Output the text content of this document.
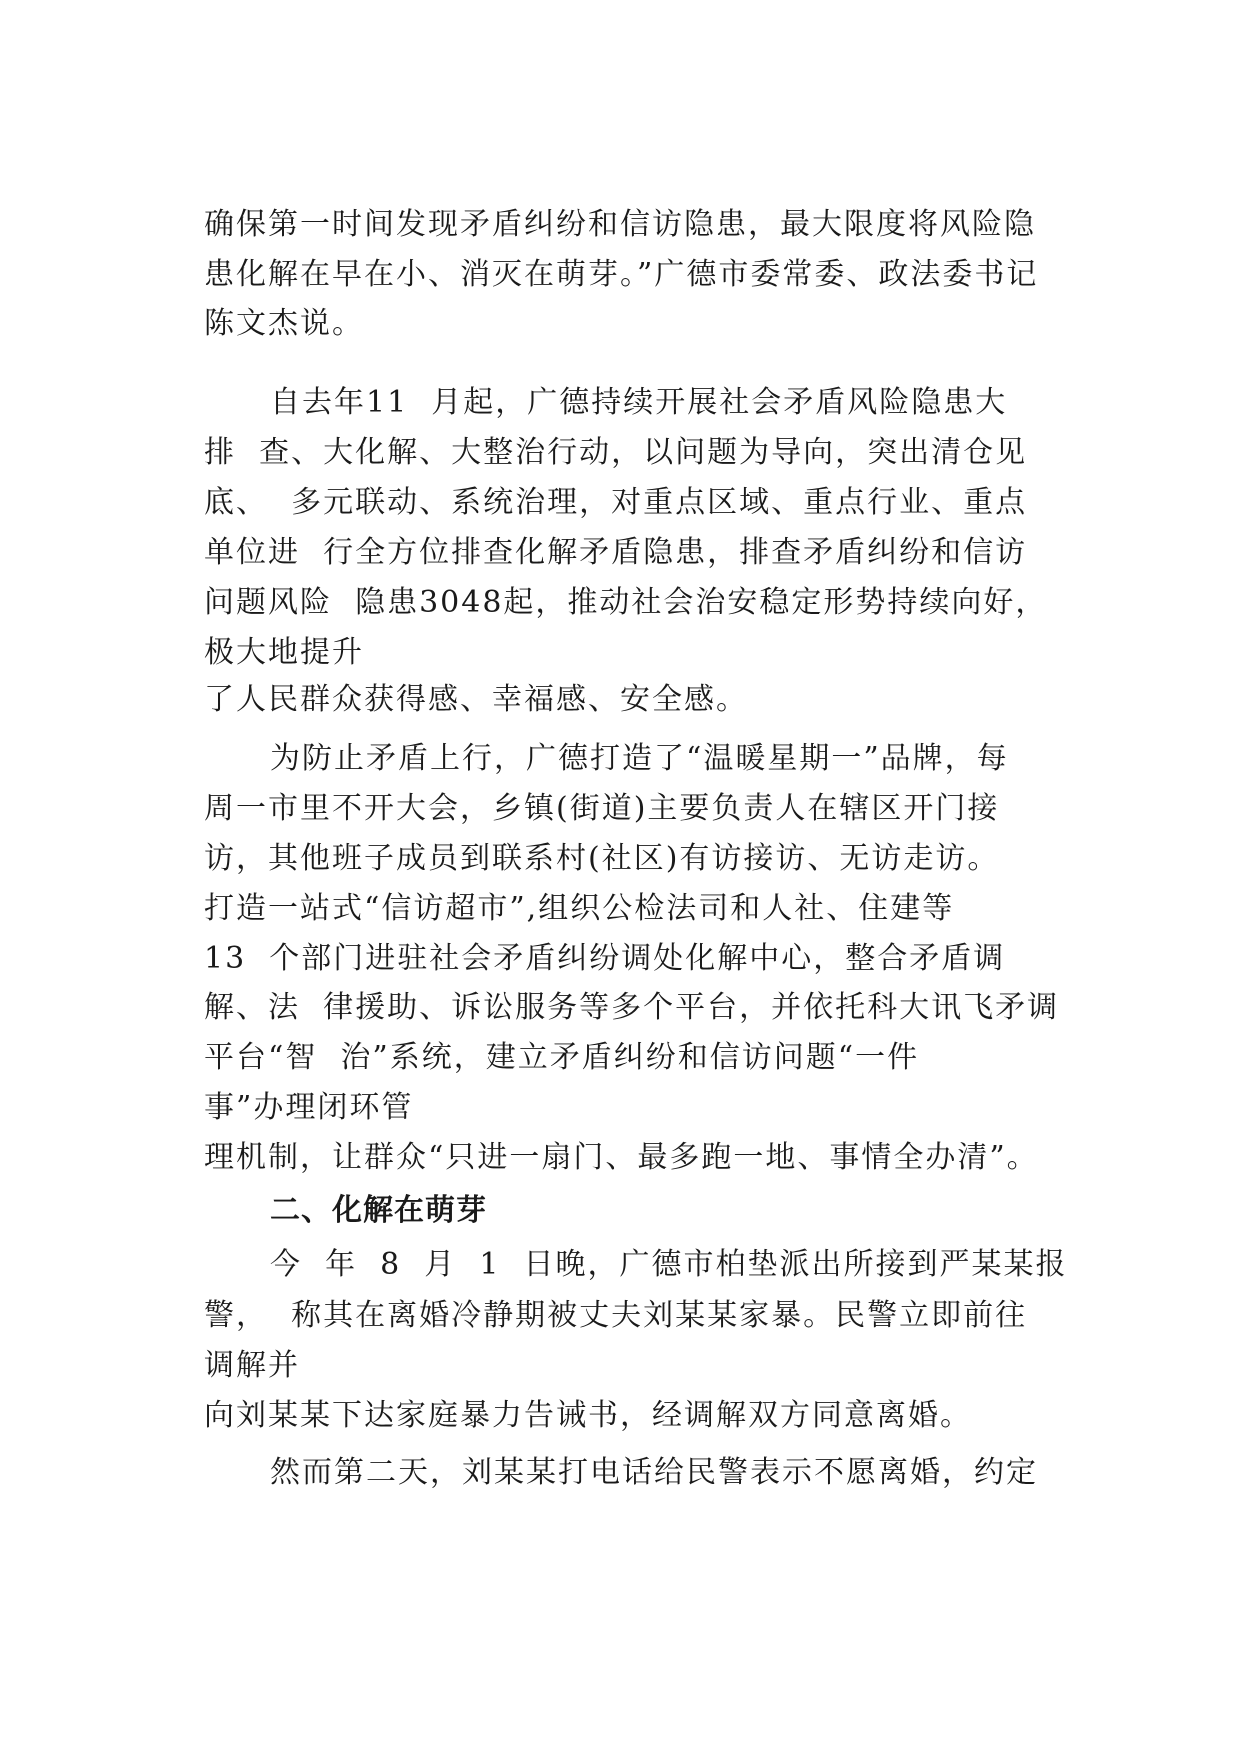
确保第一时间发现矛盾纠纷和信访隐患，最大限度将风险隐
患化解在早在小、消灭在萌芽。”广德市委常委、政法委书记
陈文杰说。
自去年11  月起，广德持续开展社会矛盾风险隐患大
排  查、大化解、大整治行动，以问题为导向，突出清仓见
底、  多元联动、系统治理，对重点区域、重点行业、重点
单位进  行全方位排查化解矛盾隐患，排查矛盾纠纷和信访
问题风险  隐患3048起，推动社会治安稳定形势持续向好，
极大地提升
了人民群众获得感、幸福感、安全感。
为防止矛盾上行，广德打造了“温暖星期一”品牌，每
周一市里不开大会，乡镇(街道)主要负责人在辖区开门接
访，其他班子成员到联系村(社区)有访接访、无访走访。
打造一站式“信访超市”,组织公检法司和人社、住建等
13  个部门进驻社会矛盾纠纷调处化解中心，整合矛盾调
解、法  律援助、诉讼服务等多个平台，并依托科大讯飞矛调
平台“智  治”系统，建立矛盾纠纷和信访问题“一件
事”办理闭环管
理机制，让群众“只进一扇门、最多跑一地、事情全办清”。
二、化解在萌芽
今  年  8  月  1  日晚，广德市柏垫派出所接到严某某报
警，  称其在离婚冷静期被丈夫刘某某家暴。民警立即前往
调解并
向刘某某下达家庭暴力告诫书，经调解双方同意离婚。
然而第二天，刘某某打电话给民警表示不愿离婚，约定
